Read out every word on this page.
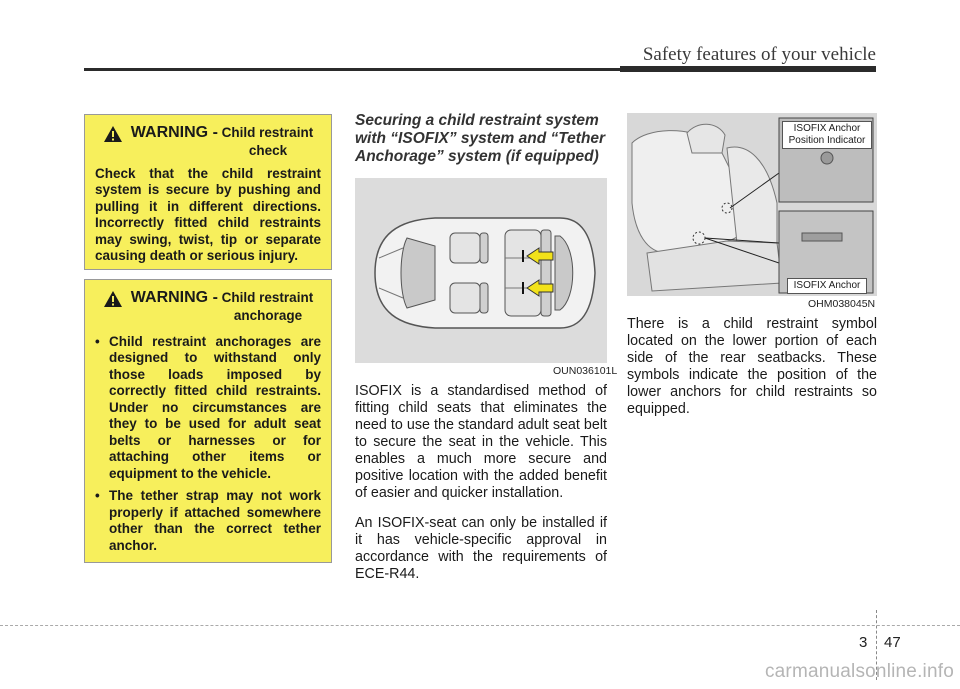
Safety features of your vehicle
WARNING - Child restraint
check
Check that the child restraint system is secure by pushing and pulling it in different directions. Incorrectly fitted child restraints may swing, twist, tip or separate causing death or serious injury.
WARNING - Child restraint
anchorage
• Child restraint anchorages are designed to withstand only those loads imposed by correctly fitted child restraints. Under no circumstances are they to be used for adult seat belts or harnesses or for attaching other items or equipment to the vehicle.
• The tether strap may not work properly if attached somewhere other than the correct tether anchor.
Securing a child restraint system with “ISOFIX” system and “Tether Anchorage” system (if equipped)
OUN036101L
ISOFIX is a standardised method of fitting child seats that eliminates the need to use the standard adult seat belt to secure the seat in the vehicle. This enables a much more secure and positive location with the added benefit of easier and quicker installation.
An ISOFIX-seat can only be installed if it has vehicle-specific approval in accordance with the requirements of ECE-R44.
ISOFIX Anchor
Position Indicator
ISOFIX Anchor
OHM038045N
There is a child restraint symbol located on the lower portion of each side of the rear seatbacks. These symbols indicate the position of the lower anchors for child restraints so equipped.
3 47
carmanualsonline.info
